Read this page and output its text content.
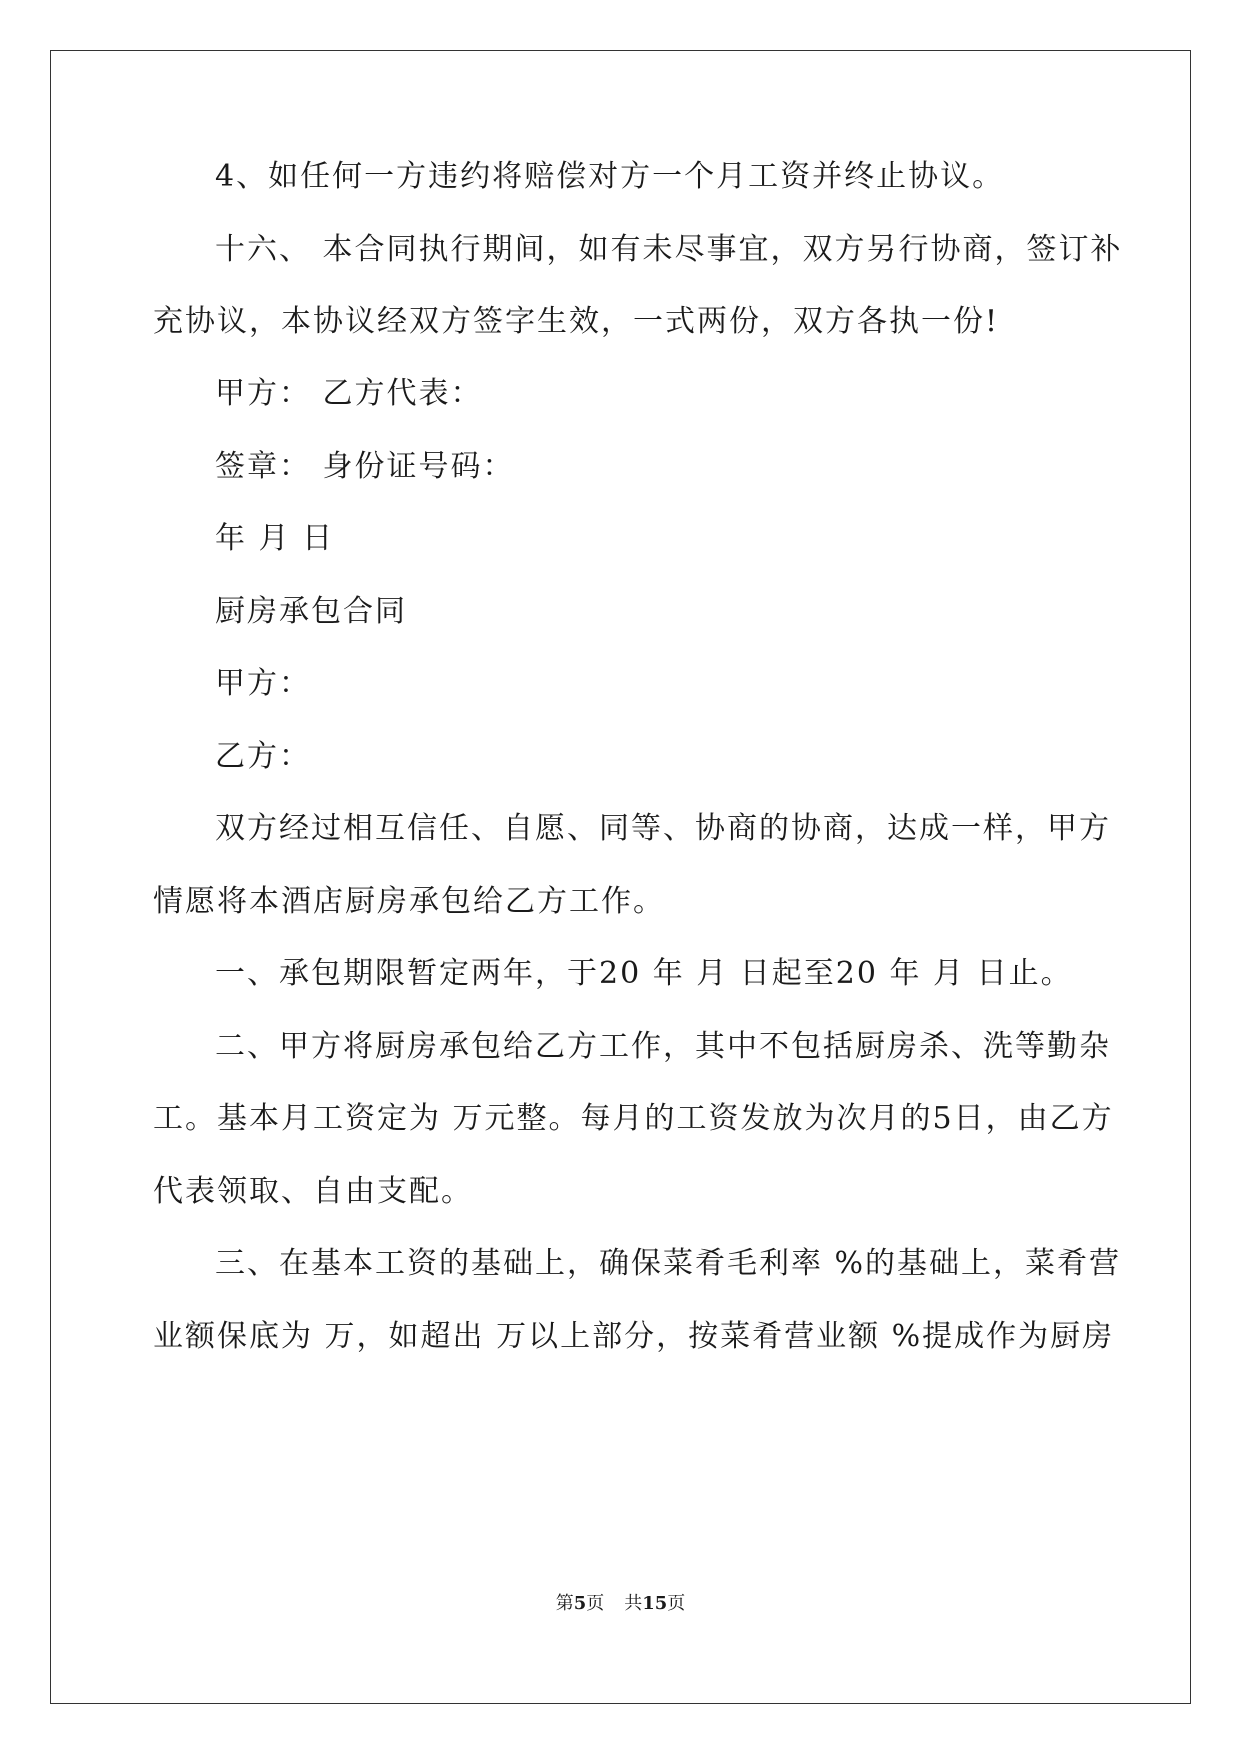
4、如任何一方违约将赔偿对方一个月工资并终止协议。
十六、 本合同执行期间，如有未尽事宜，双方另行协商，签订补
充协议，本协议经双方签字生效，一式两份，双方各执一份!
甲方： 乙方代表：
签章： 身份证号码：
年 月 日
厨房承包合同
甲方：
乙方：
双方经过相互信任、自愿、同等、协商的协商，达成一样，甲方
情愿将本酒店厨房承包给乙方工作。
一、承包期限暂定两年，于20 年 月 日起至20 年 月 日止。
二、甲方将厨房承包给乙方工作，其中不包括厨房杀、洗等勤杂
工。基本月工资定为 万元整。每月的工资发放为次月的5日，由乙方
代表领取、自由支配。
三、在基本工资的基础上，确保菜肴毛利率 %的基础上，菜肴营
业额保底为 万，如超出 万以上部分，按菜肴营业额 %提成作为厨房
第5页 共15页
